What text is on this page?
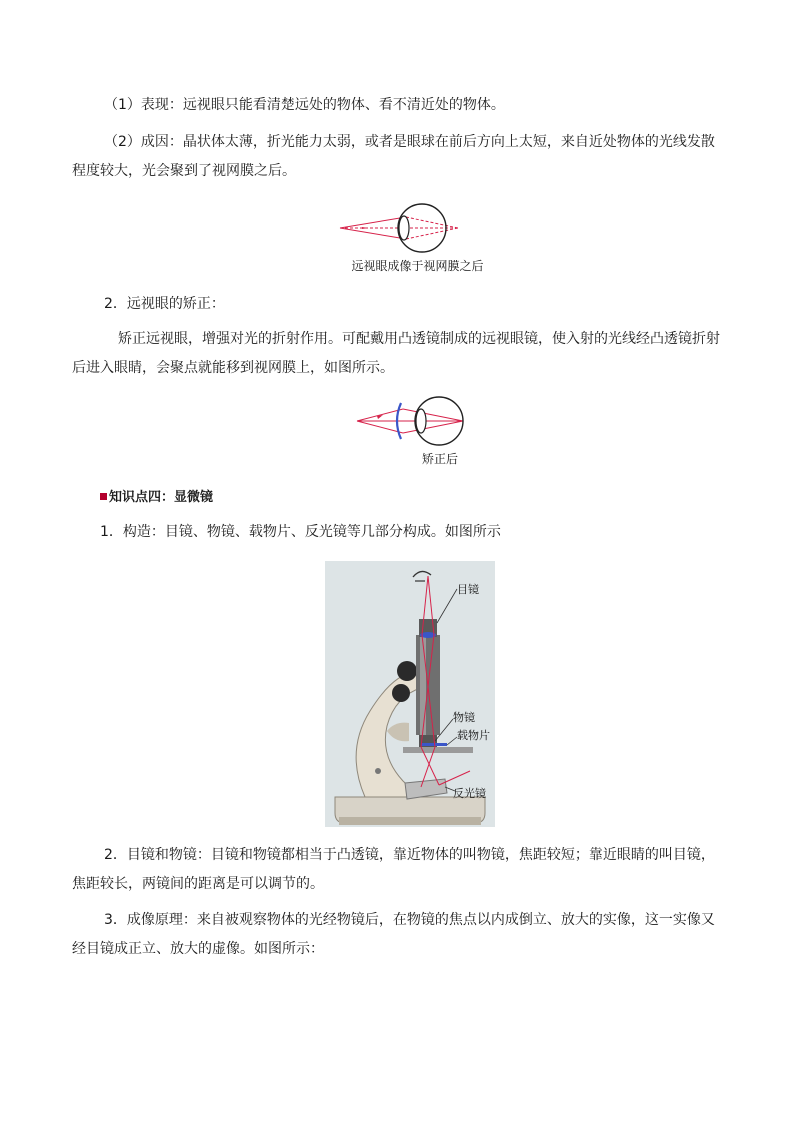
（1）表现：远视眼只能看清楚远处的物体、看不清近处的物体。

（2）成因：晶状体太薄，折光能力太弱，或者是眼球在前后方向上太短，来自近处物体的光线发散程度较大，光会聚到了视网膜之后。

远视眼成像于视网膜之后

2．远视眼的矫正：

矫正远视眼，增强对光的折射作用。可配戴用凸透镜制成的远视眼镜，使入射的光线经凸透镜折射后进入眼睛，会聚点就能移到视网膜上，如图所示。

矫正后
知识点四：显微镜

1．构造：目镜、物镜、载物片、反光镜等几部分构成。如图所示

目镜
物镜
载物片
反光镜

2．目镜和物镜：目镜和物镜都相当于凸透镜，靠近物体的叫物镜，焦距较短；靠近眼睛的叫目镜，焦距较长，两镜间的距离是可以调节的。

3．成像原理：来自被观察物体的光经物镜后，在物镜的焦点以内成倒立、放大的实像，这一实像又经目镜成正立、放大的虚像。如图所示：
